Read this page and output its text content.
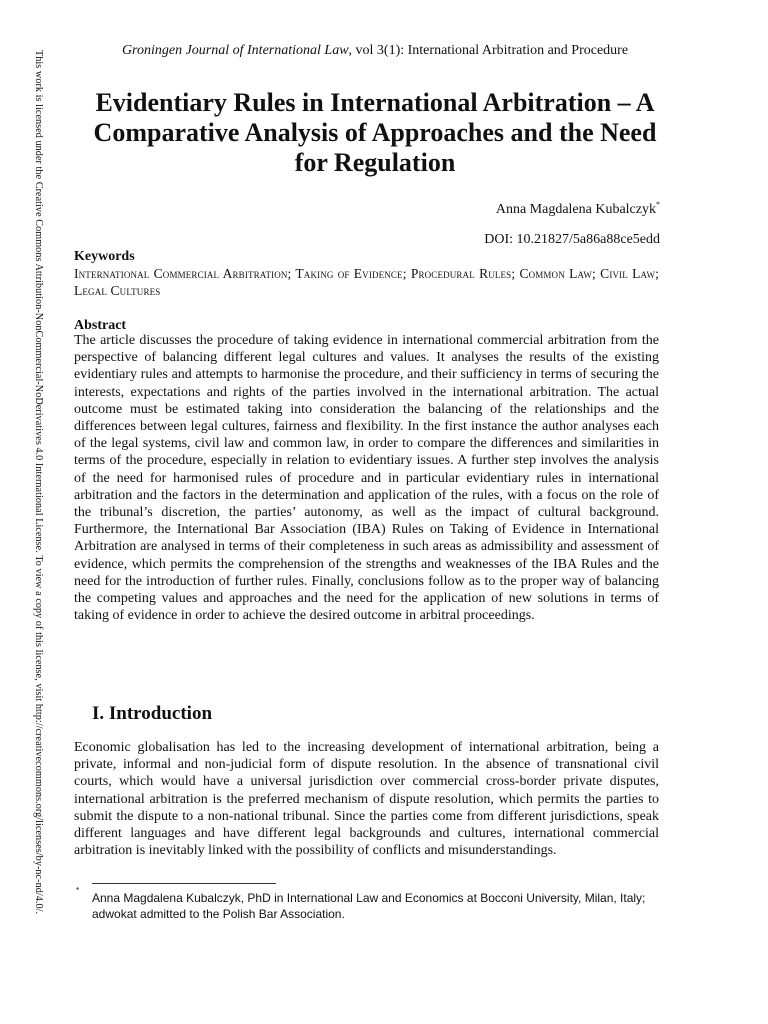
This work is licensed under the Creative Commons Attribution-NonCommercial-NoDerivatives 4.0 International License. To view a copy of this license, visit http://creativecommons.org/licenses/by-nc-nd/4.0/.	Groningen Journal of International Law, vol 3(1): International Arbitration and Procedure
Evidentiary Rules in International Arbitration – A Comparative Analysis of Approaches and the Need for Regulation
Anna Magdalena Kubalczyk*
DOI: 10.21827/5a86a88ce5edd
Keywords
International Commercial Arbitration; Taking of Evidence; Procedural Rules; Common Law; Civil Law; Legal Cultures
Abstract

The article discusses the procedure of taking evidence in international commercial arbitration from the perspective of balancing different legal cultures and values. It analyses the results of the existing evidentiary rules and attempts to harmonise the procedure, and their sufficiency in terms of securing the interests, expectations and rights of the parties involved in the international arbitration. The actual outcome must be estimated taking into consideration the balancing of the relationships and the differences between legal cultures, fairness and flexibility. In the first instance the author analyses each of the legal systems, civil law and common law, in order to compare the differences and similarities in terms of the procedure, especially in relation to evidentiary issues. A further step involves the analysis of the need for harmonised rules of procedure and in particular evidentiary rules in international arbitration and the factors in the determination and application of the rules, with a focus on the role of the tribunal’s discretion, the parties’ autonomy, as well as the impact of cultural background. Furthermore, the International Bar Association (IBA) Rules on Taking of Evidence in International Arbitration are analysed in terms of their completeness in such areas as admissibility and assessment of evidence, which permits the comprehension of the strengths and weaknesses of the IBA Rules and the need for the introduction of further rules. Finally, conclusions follow as to the proper way of balancing the competing values and approaches and the need for the application of new solutions in terms of taking of evidence in order to achieve the desired outcome in arbitral proceedings.

I. Introduction

Economic globalisation has led to the increasing development of international arbitration, being a private, informal and non-judicial form of dispute resolution. In the absence of transnational civil courts, which would have a universal jurisdiction over commercial cross-border private disputes, international arbitration is the preferred mechanism of dispute resolution, which permits the parties to submit the dispute to a non-national tribunal. Since the parties come from different jurisdictions, speak different languages and have different legal backgrounds and cultures, international commercial arbitration is inevitably linked with the possibility of conflicts and misunderstandings.

*

Anna Magdalena Kubalczyk, PhD in International Law and Economics at Bocconi University, Milan, Italy; adwokat admitted to the Polish Bar Association.
